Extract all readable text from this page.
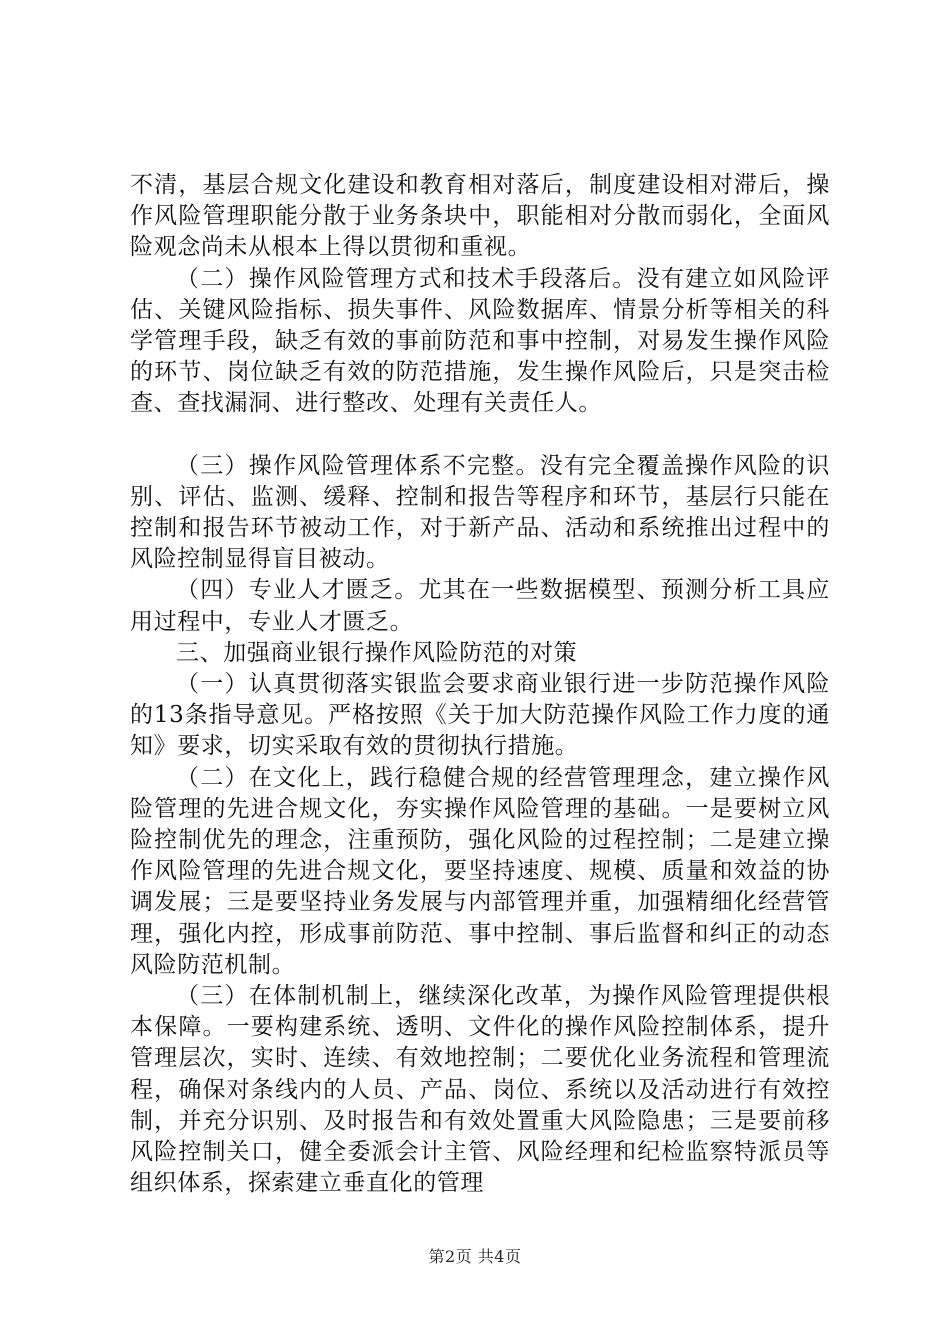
不清，基层合规文化建设和教育相对落后，制度建设相对滞后，操作风险管理职能分散于业务条块中，职能相对分散而弱化，全面风险观念尚未从根本上得以贯彻和重视。

（二）操作风险管理方式和技术手段落后。没有建立如风险评估、关键风险指标、损失事件、风险数据库、情景分析等相关的科学管理手段，缺乏有效的事前防范和事中控制，对易发生操作风险的环节、岗位缺乏有效的防范措施，发生操作风险后，只是突击检查、查找漏洞、进行整改、处理有关责任人。

（三）操作风险管理体系不完整。没有完全覆盖操作风险的识别、评估、监测、缓释、控制和报告等程序和环节，基层行只能在控制和报告环节被动工作，对于新产品、活动和系统推出过程中的风险控制显得盲目被动。

（四）专业人才匮乏。尤其在一些数据模型、预测分析工具应用过程中，专业人才匮乏。

三、加强商业银行操作风险防范的对策

（一）认真贯彻落实银监会要求商业银行进一步防范操作风险的13条指导意见。严格按照《关于加大防范操作风险工作力度的通知》要求，切实采取有效的贯彻执行措施。

（二）在文化上，践行稳健合规的经营管理理念，建立操作风险管理的先进合规文化，夯实操作风险管理的基础。一是要树立风险控制优先的理念，注重预防，强化风险的过程控制；二是建立操作风险管理的先进合规文化，要坚持速度、规模、质量和效益的协调发展；三是要坚持业务发展与内部管理并重，加强精细化经营管理，强化内控，形成事前防范、事中控制、事后监督和纠正的动态风险防范机制。

（三）在体制机制上，继续深化改革，为操作风险管理提供根本保障。一要构建系统、透明、文件化的操作风险控制体系，提升管理层次，实时、连续、有效地控制；二要优化业务流程和管理流程，确保对条线内的人员、产品、岗位、系统以及活动进行有效控制，并充分识别、及时报告和有效处置重大风险隐患；三是要前移风险控制关口，健全委派会计主管、风险经理和纪检监察特派员等组织体系，探索建立垂直化的管理

第2页 共4页
